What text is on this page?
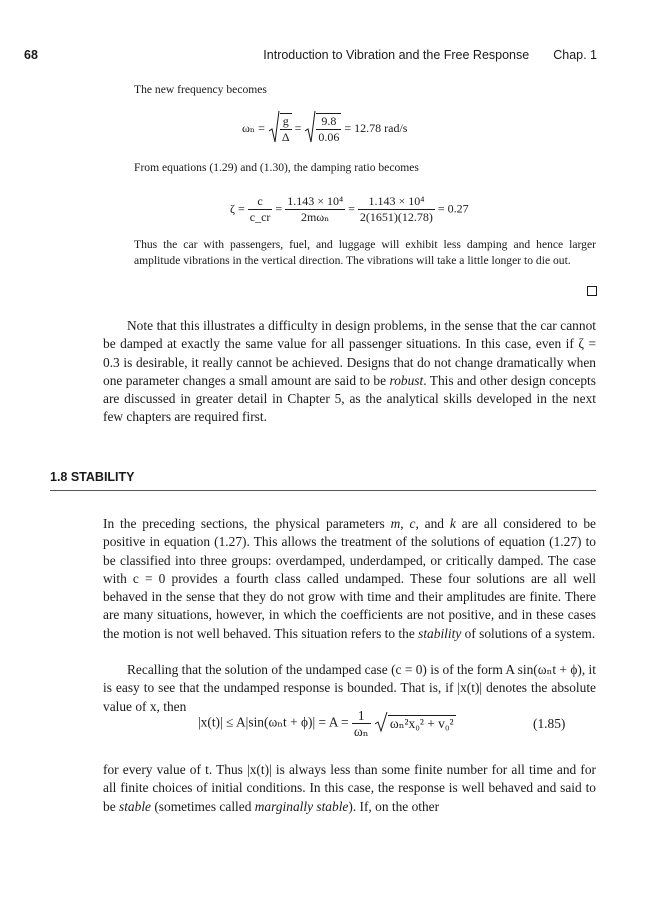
68	Introduction to Vibration and the Free Response Chap. 1
The new frequency becomes
$\omega_n = \frac{g}{\Delta} = \frac{9.8}{0.06} = 12.78$ rad/s
From equations (1.29) and (1.30), the damping ratio becomes
$\zeta = \frac{c}{c\_cr} = \frac{\text{1.143 × 10⁴}}{\text{2mωₙ}} = \frac{\text{1.143 × 10⁴}}{2(1651)(12.78)} = 0.27$
Thus the car with passengers, fuel, and luggage will exhibit less damping and hence larger amplitude vibrations in the vertical direction. The vibrations will take a little longer to die out.
Note that this illustrates a difficulty in design problems, in the sense that the car cannot be damped at exactly the same value for all passenger situations. In this case, even if ζ = 0.3 is desirable, it really cannot be achieved. Designs that do not change dramatically when one parameter changes a small amount are said to be robust. This and other design concepts are discussed in greater detail in Chapter 5, as the analytical skills developed in the next few chapters are required first.
1.8 STABILITY
In the preceding sections, the physical parameters m, c, and k are all considered to be positive in equation (1.27). This allows the treatment of the solutions of equation (1.27) to be classified into three groups: overdamped, underdamped, or critically damped. The case with c = 0 provides a fourth class called undamped. These four solutions are all well behaved in the sense that they do not grow with time and their amplitudes are finite. There are many situations, however, in which the coefficients are not positive, and in these cases the motion is not well behaved. This situation refers to the stability of solutions of a system.
Recalling that the solution of the undamped case (c = 0) is of the form A sin(ωₙt + ϕ), it is easy to see that the undamped response is bounded. That is, if |x(t)| denotes the absolute value of x, then
$|x(t)| \le A|\sin(\omega_nt + \phi)| = A = \frac{1}{\text{ωₙ}} \omega_n^2x_0^2 + v_0^2$	(1.85)
for every value of t. Thus |x(t)| is always less than some finite number for all time and for all finite choices of initial conditions. In this case, the response is well behaved and said to be stable (sometimes called marginally stable). If, on the other
